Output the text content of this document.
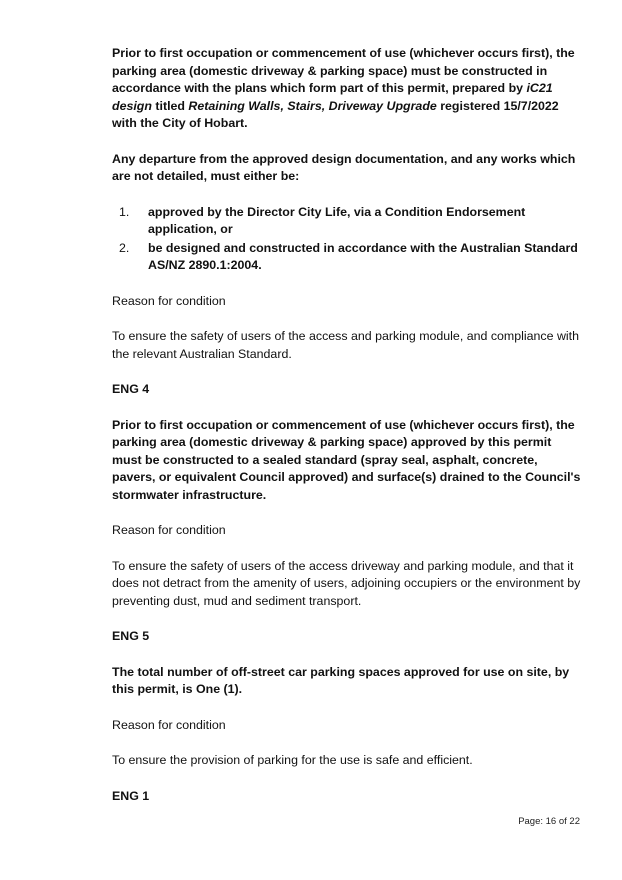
Prior to first occupation or commencement of use (whichever occurs first), the parking area (domestic driveway & parking space) must be constructed in accordance with the plans which form part of this permit, prepared by iC21 design titled Retaining Walls, Stairs, Driveway Upgrade registered 15/7/2022 with the City of Hobart.

Any departure from the approved design documentation, and any works which are not detailed, must either be:

1.	approved by the Director City Life, via a Condition Endorsement application, or
2.	be designed and constructed in accordance with the Australian Standard AS/NZ 2890.1:2004.

Reason for condition

To ensure the safety of users of the access and parking module, and compliance with the relevant Australian Standard.

ENG 4

Prior to first occupation or commencement of use (whichever occurs first), the parking area (domestic driveway & parking space) approved by this permit must be constructed to a sealed standard (spray seal, asphalt, concrete, pavers, or equivalent Council approved) and surface(s) drained to the Council's stormwater infrastructure.

Reason for condition

To ensure the safety of users of the access driveway and parking module, and that it does not detract from the amenity of users, adjoining occupiers or the environment by preventing dust, mud and sediment transport.

ENG 5

The total number of off-street car parking spaces approved for use on site, by this permit, is One (1).

Reason for condition

To ensure the provision of parking for the use is safe and efficient.

ENG 1

Page: 16 of 22
